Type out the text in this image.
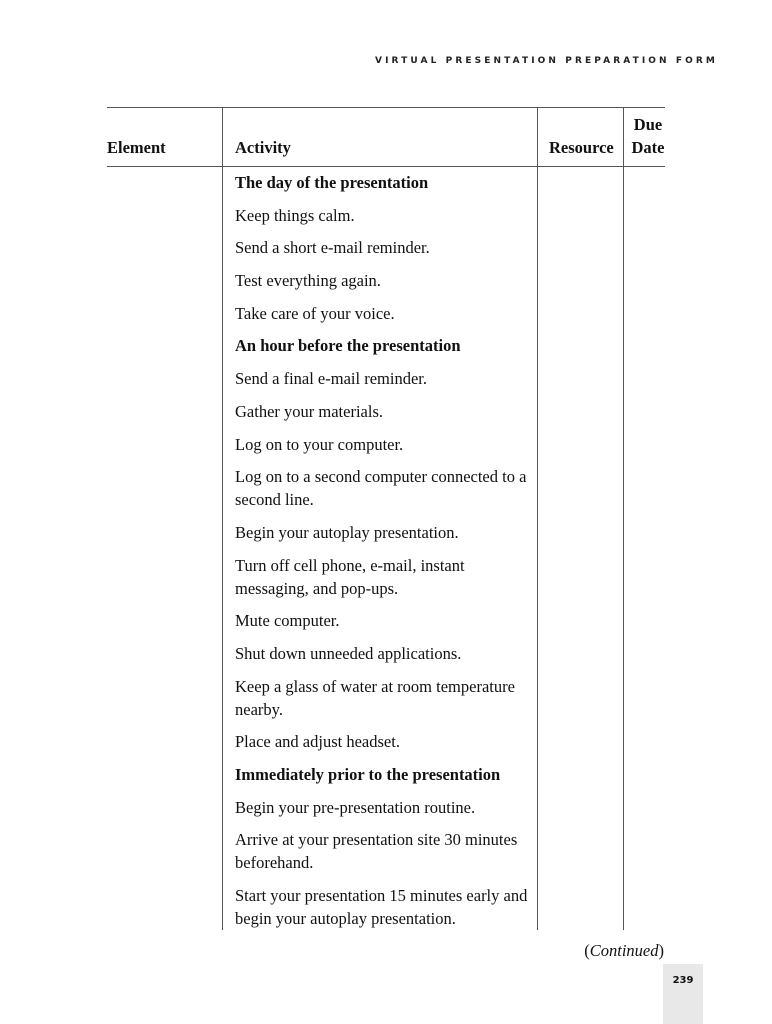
VIRTUAL PRESENTATION PREPARATION FORM
Element	Activity	Resource
Due
Date
The day of the presentation
Keep things calm.
Send a short e-mail reminder.
Test everything again.
Take care of your voice.
An hour before the presentation
Send a final e-mail reminder.
Gather your materials.
Log on to your computer.
Log on to a second computer connected to a second line.
Begin your autoplay presentation.
Turn off cell phone, e-mail, instant messaging, and pop-ups.
Mute computer.
Shut down unneeded applications.
Keep a glass of water at room temperature nearby.
Place and adjust headset.
Immediately prior to the presentation
Begin your pre-presentation routine.
Arrive at your presentation site 30 minutes beforehand.
Start your presentation 15 minutes early and begin your autoplay presentation.
(Continued)
239
